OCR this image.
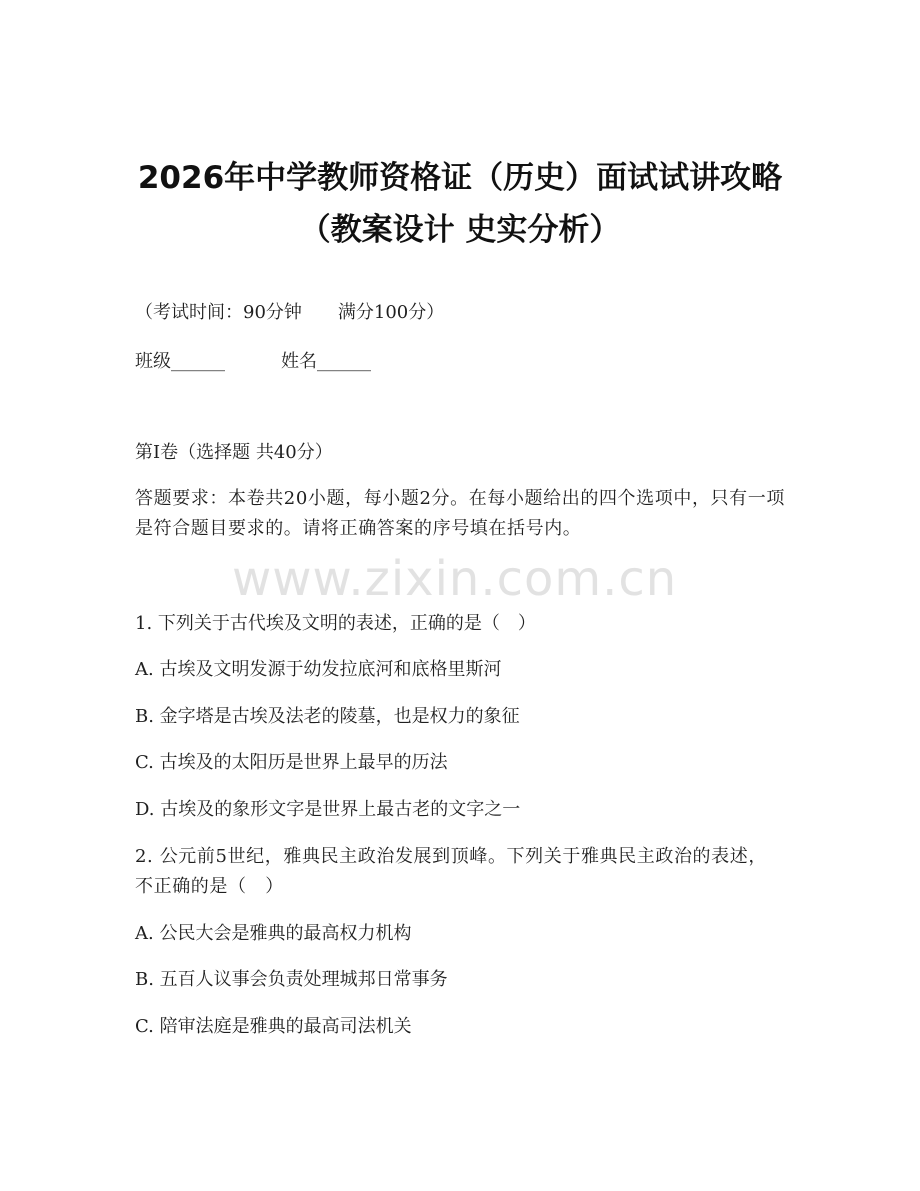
2026年中学教师资格证（历史）面试试讲攻略（教案设计 史实分析）
（考试时间：90分钟　　满分100分）
班级______	姓名______
第I卷（选择题 共40分）
答题要求：本卷共20小题，每小题2分。在每小题给出的四个选项中，只有一项是符合题目要求的。请将正确答案的序号填在括号内。
www.zixin.com.cn
1. 下列关于古代埃及文明的表述，正确的是（　）
A. 古埃及文明发源于幼发拉底河和底格里斯河
B. 金字塔是古埃及法老的陵墓，也是权力的象征
C. 古埃及的太阳历是世界上最早的历法
D. 古埃及的象形文字是世界上最古老的文字之一
2. 公元前5世纪，雅典民主政治发展到顶峰。下列关于雅典民主政治的表述，不正确的是（　）
A. 公民大会是雅典的最高权力机构
B. 五百人议事会负责处理城邦日常事务
C. 陪审法庭是雅典的最高司法机关
